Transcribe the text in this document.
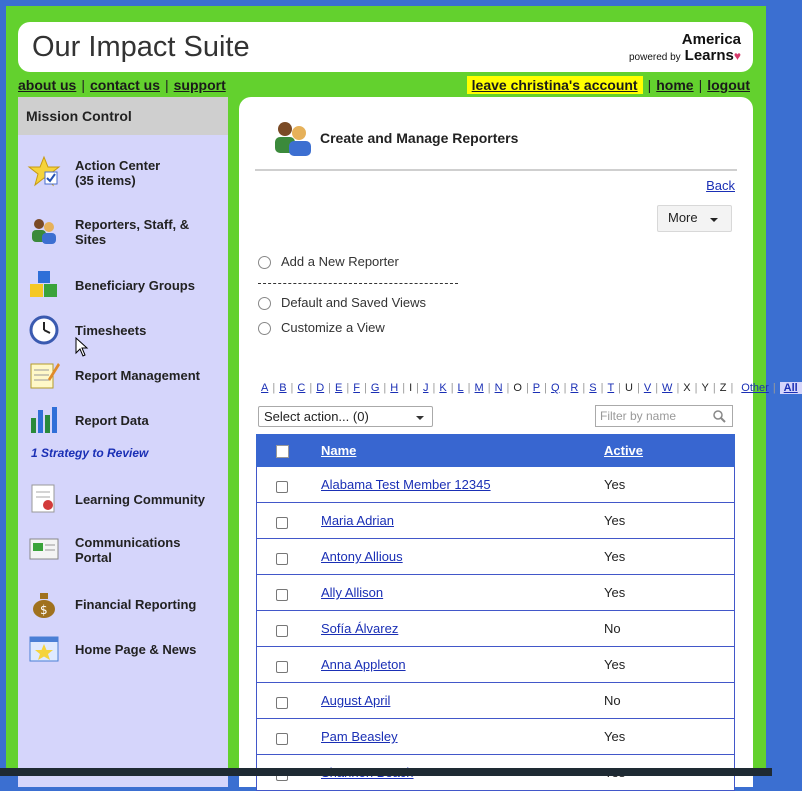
Our Impact Suite	America
powered by Learns♥
about us | contact us | support	leave christina's account | home | logout
Mission Control
Action Center
(35 items)
Reporters, Staff, &
Sites
Beneficiary Groups
Timesheets
Report Management
Report Data
1 Strategy to Review
Learning Community
Communications
Portal
$ Financial Reporting
Home Page & News
Create and Manage Reporters
Back
More
Add a New Reporter
Default and Saved Views
Customize a View
A | B | C | D | E | F | G | H | I | J | K | L | M | N | O | P | Q | R | S | T | U | V | W | X | Y | Z | Other | All
Select action... (0)	Filter by name
Name	Active
Alabama Test Member 12345	Yes
Maria Adrian	Yes
Antony Allious	Yes
Ally Allison	Yes
Sofía Álvarez	No
Anna Appleton	Yes
August April	No
Pam Beasley	Yes
